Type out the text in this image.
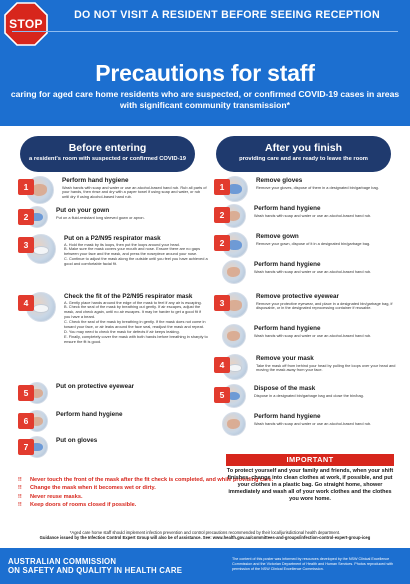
STOP
DO NOT VISIT A RESIDENT BEFORE SEEING RECEPTION
Precautions for staff
caring for aged care home residents who are suspected, or confirmed COVID-19 cases in areas with significant community transmission*
Before entering
a resident's room with suspected or confirmed COVID-19
After you finish
providing care and are ready to leave the room
1
Perform hand hygiene
Wash hands with soap and water or use an alcohol-based hand rub. Rub all parts of your hands, then rinse and dry with a paper towel if using soap and water, or rub until dry if using alcohol-based hand rub.
2
Put on your gown
Put on a fluid-resistant long sleeved gown or apron.
3
Put on a P2/N95 respirator mask
A. Hold the mask by its loops, then put the loops around your head.
B. Make sure the mask covers your mouth and nose. Ensure there are no gaps between your face and the mask, and press the nosepiece around your nose.
C. Continue to adjust the mask along the outside until you feel you have achieved a good and comfortable facial fit.
4
Check the fit of the P2/N95 respirator mask
A. Gently place hands around the edge of the mask to feel if any air is escaping.
B. Check the seal of the mask by breathing out gently. If air escapes, adjust the mask, and check again, until no air escapes. It may be harder to get a good fit if you have a beard.
C. Check the seal of the mask by breathing in gently. If the mask does not come in toward your face, or air leaks around the face seal, readjust the mask and repeat.
D. You may need to check the mask for defects if air keeps leaking.
E. Finally, completely cover the mask with both hands before breathing in sharply to ensure the fit is good.
5
Put on protective eyewear
6
Perform hand hygiene
7
Put on gloves
1
Remove gloves
Remove your gloves, dispose of them in a designated bin/garbage bag.
2
Perform hand hygiene
Wash hands with soap and water or use an alcohol-based hand rub.
2
Remove gown
Remove your gown, dispose of it in a designated bin/garbage bag.
Perform hand hygiene
Wash hands with soap and water or use an alcohol-based hand rub.
3
Remove protective eyewear
Remove your protective eyewear, and place in a designated bin/garbage bag, if disposable, or in the designated reprocessing container if reusable.
Perform hand hygiene
Wash hands with soap and water or use an alcohol-based hand rub.
4
Remove your mask
Take the mask off from behind your head by pulling the loops over your head and moving the mask away from your face.
5
Dispose of the mask
Dispose in a designated bin/garbage bag and close the bin/bag.
Perform hand hygiene
Wash hands with soap and water or use an alcohol-based hand rub.
!! Never touch the front of the mask after the fit check is completed, and while providing care.
!! Change the mask when it becomes wet or dirty.
!! Never reuse masks.
!! Keep doors of rooms closed if possible.
IMPORTANT
To protect yourself and your family and friends, when your shift finishes, change into clean clothes at work, if possible, and put your clothes in a plastic bag. Go straight home, shower immediately and wash all of your work clothes and the clothes you wore home.
*Aged care home staff should implement infection prevention and control precautions recommended by their local/jurisdictional health department.
Guidance issued by the Infection Control Expert Group will also be of assistance. See: www.health.gov.au/committees-and-groups/infection-control-expert-group-iceg
AUSTRALIAN COMMISSION
ON SAFETY AND QUALITY IN HEALTH CARE
The content of this poster was informed by resources developed by the NSW Clinical Excellence Commission and the Victorian Department of Health and Human Services. Photos reproduced with permission of the NSW Clinical Excellence Commission.
